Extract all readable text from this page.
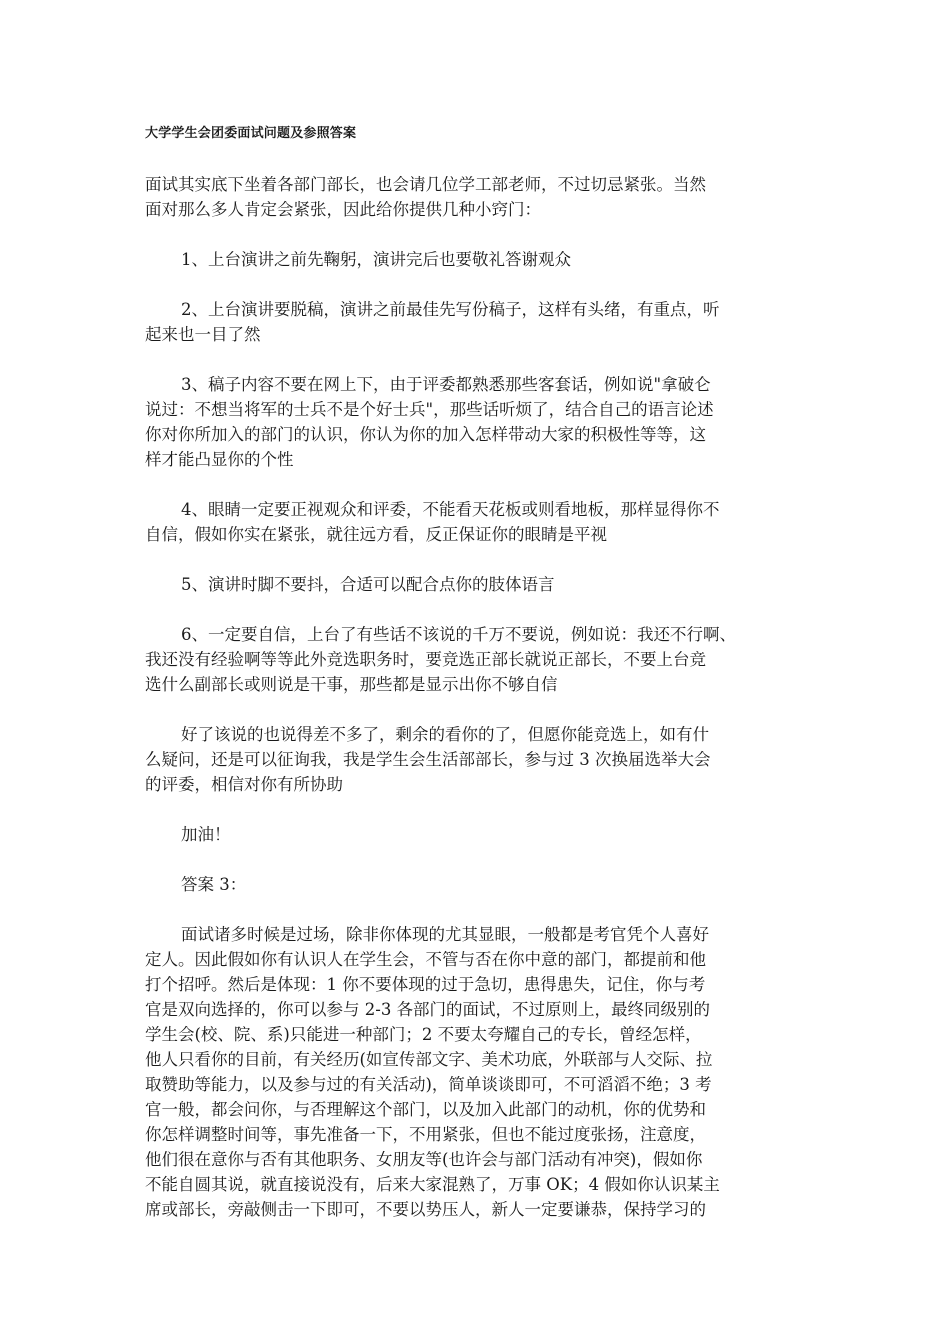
大学学生会团委面试问题及参照答案

面试其实底下坐着各部门部长，也会请几位学工部老师，不过切忌紧张。当然
面对那么多人肯定会紧张，因此给你提供几种小窍门：

1、上台演讲之前先鞠躬，演讲完后也要敬礼答谢观众

2、上台演讲要脱稿，演讲之前最佳先写份稿子，这样有头绪，有重点，听
起来也一目了然

3、稿子内容不要在网上下，由于评委都熟悉那些客套话，例如说"拿破仑
说过：不想当将军的士兵不是个好士兵"，那些话听烦了，结合自己的语言论述
你对你所加入的部门的认识，你认为你的加入怎样带动大家的积极性等等，这
样才能凸显你的个性

4、眼睛一定要正视观众和评委，不能看天花板或则看地板，那样显得你不
自信，假如你实在紧张，就往远方看，反正保证你的眼睛是平视

5、演讲时脚不要抖，合适可以配合点你的肢体语言

6、一定要自信，上台了有些话不该说的千万不要说，例如说：我还不行啊、
我还没有经验啊等等此外竞选职务时，要竞选正部长就说正部长，不要上台竞
选什么副部长或则说是干事，那些都是显示出你不够自信

好了该说的也说得差不多了，剩余的看你的了，但愿你能竞选上，如有什
么疑问，还是可以征询我，我是学生会生活部部长，参与过 3 次换届选举大会
的评委，相信对你有所协助

加油！

答案 3：

面试诸多时候是过场，除非你体现的尤其显眼，一般都是考官凭个人喜好
定人。因此假如你有认识人在学生会，不管与否在你中意的部门，都提前和他
打个招呼。然后是体现：1 你不要体现的过于急切，患得患失，记住，你与考
官是双向选择的，你可以参与 2-3 各部门的面试，不过原则上，最终同级别的
学生会(校、院、系)只能进一种部门；2 不要太夸耀自己的专长，曾经怎样，
他人只看你的目前，有关经历(如宣传部文字、美术功底，外联部与人交际、拉
取赞助等能力，以及参与过的有关活动)，简单谈谈即可，不可滔滔不绝；3 考
官一般，都会问你，与否理解这个部门，以及加入此部门的动机，你的优势和
你怎样调整时间等，事先准备一下，不用紧张，但也不能过度张扬，注意度，
他们很在意你与否有其他职务、女朋友等(也许会与部门活动有冲突)，假如你
不能自圆其说，就直接说没有，后来大家混熟了，万事 OK；4 假如你认识某主
席或部长，旁敲侧击一下即可，不要以势压人，新人一定要谦恭，保持学习的
